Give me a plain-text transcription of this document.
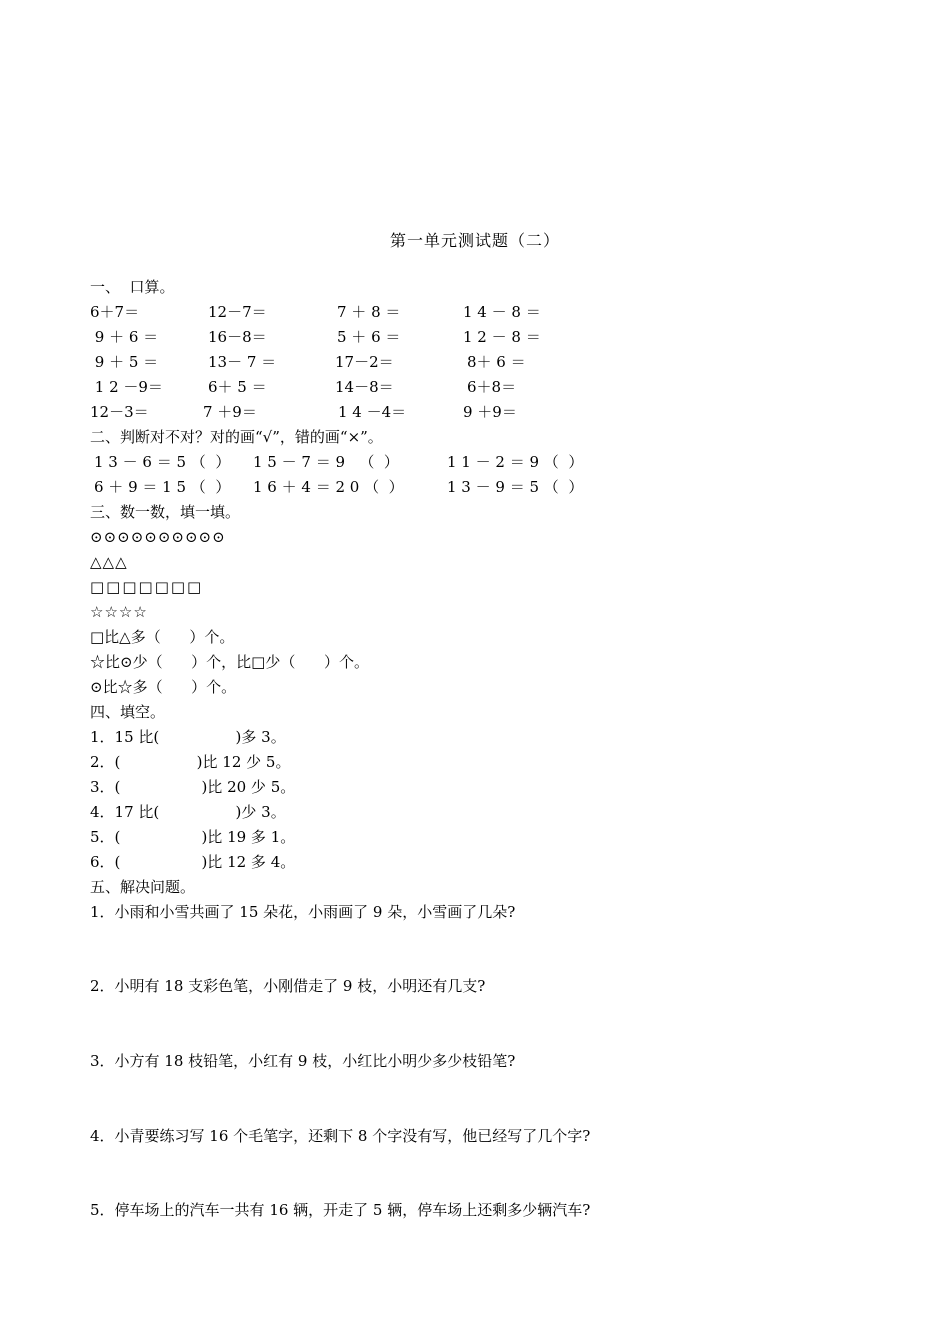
第一单元测试题（二）
一、  口算。
6＋7＝	12－7＝	7 ＋ 8 ＝	1 4 － 8 ＝
9 ＋ 6 ＝	16－8＝	5 ＋ 6 ＝	1 2 － 8 ＝
9 ＋ 5 ＝	13－ 7 ＝	17－2＝	8＋ 6 ＝
1 2 －9＝	6＋ 5 ＝	14－8＝	6＋8＝
12－3＝	7 ＋9＝	1 4 －4＝	9 ＋9＝
二、判断对不对？对的画“√”，错的画“×”。
1 3 － 6 ＝ 5 （  ） 1 5 － 7 ＝ 9   （  ）	1 1 － 2 ＝ 9 （  ）
6 ＋ 9 ＝ 1 5 （  ） 1 6 ＋ 4 ＝ 2 0 （  ）	1 3 － 9 ＝ 5 （  ）
三、数一数，填一填。
⊙⊙⊙⊙⊙⊙⊙⊙⊙⊙
△△△
□□□□□□□
☆☆☆☆
□比△多（      ）个。
☆比⊙少（      ）个，比□少（      ）个。
⊙比☆多（      ）个。
四、填空。
1．15 比(                )多 3。
2．(                )比 12 少 5。
3．(                 )比 20 少 5。
4．17 比(                )少 3。
5．(                 )比 19 多 1。
6．(                 )比 12 多 4。
五、解决问题。
1．小雨和小雪共画了 15 朵花，小雨画了 9 朵，小雪画了几朵?
2．小明有 18 支彩色笔，小刚借走了 9 枝，小明还有几支?
3．小方有 18 枝铅笔，小红有 9 枝，小红比小明少多少枝铅笔?
4．小青要练习写 16 个毛笔字，还剩下 8 个字没有写，他已经写了几个字?
5．停车场上的汽车一共有 16 辆，开走了 5 辆，停车场上还剩多少辆汽车?
